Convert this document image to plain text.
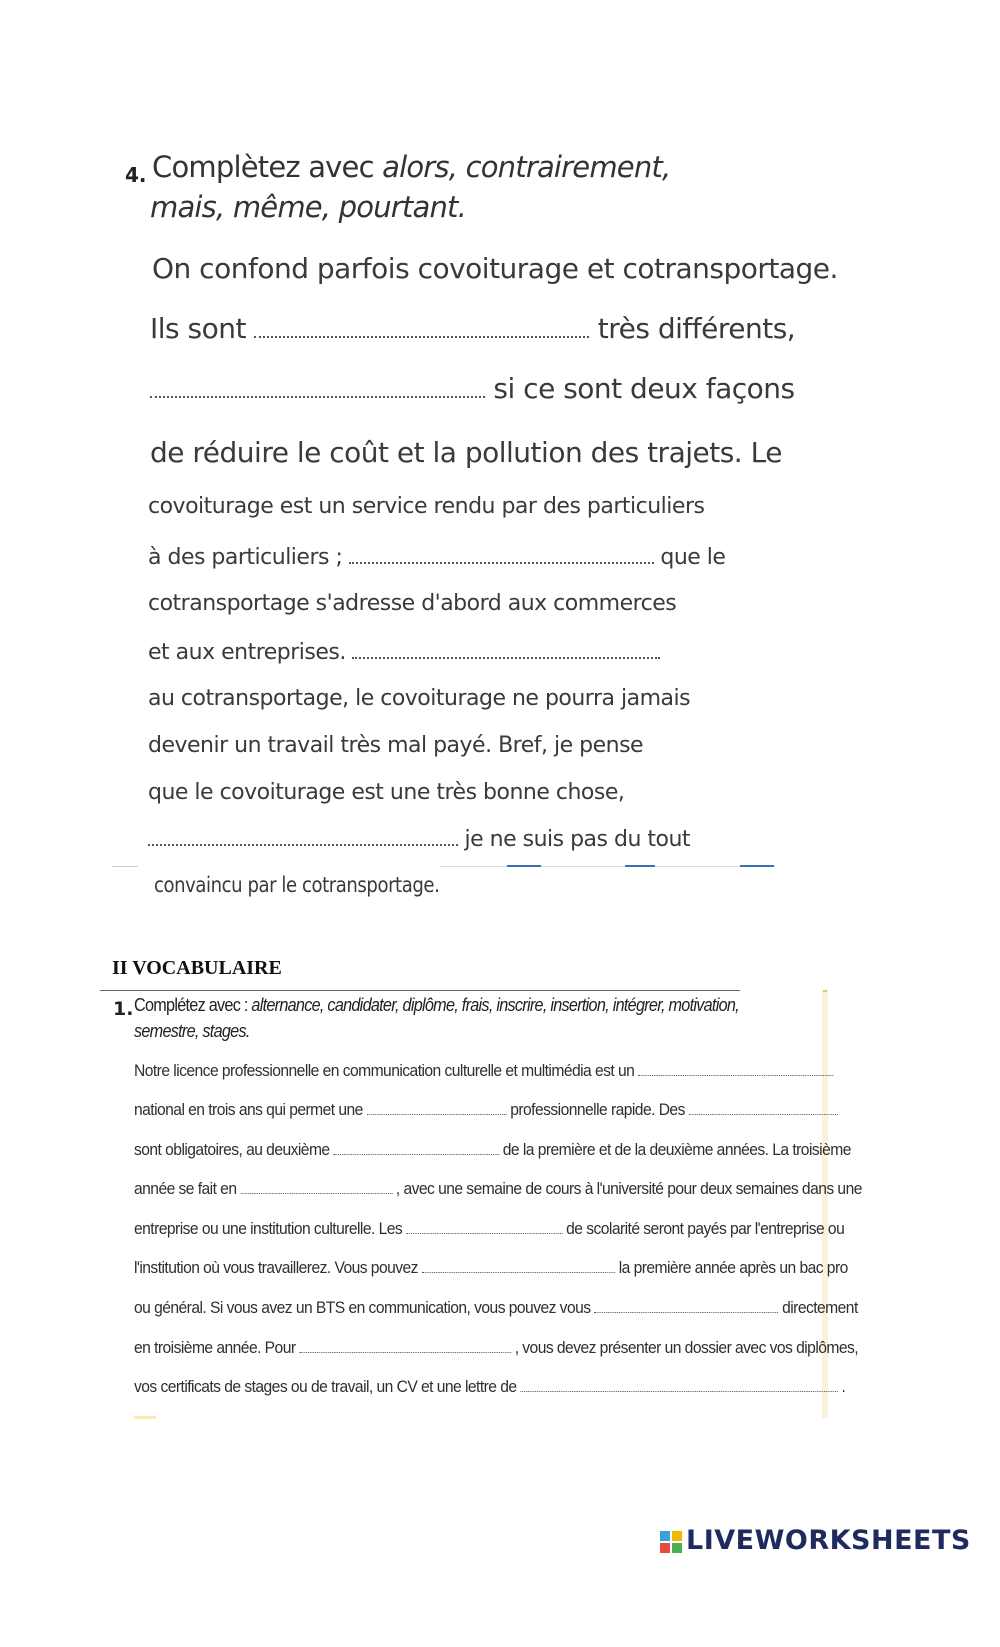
4. Complètez avec alors, contrairement,
mais, même, pourtant.
On confond parfois covoiturage et cotransportage.
Ils sont	très différents,
si ce sont deux façons
de réduire le coût et la pollution des trajets. Le
covoiturage est un service rendu par des particuliers
à des particuliers ;	que le
cotransportage s'adresse d'abord aux commerces
et aux entreprises.
au cotransportage, le covoiturage ne pourra jamais
devenir un travail très mal payé. Bref, je pense
que le covoiturage est une très bonne chose,
je ne suis pas du tout
convaincu par le cotransportage.
II VOCABULAIRE
1. Complétez avec : alternance, candidater, diplôme, frais, inscrire, insertion, intégrer, motivation,
semestre, stages.
Notre licence professionnelle en communication culturelle et multimédia est un
national en trois ans qui permet une	professionnelle rapide. Des
sont obligatoires, au deuxième	de la première et de la deuxième années. La troisième
année se fait en	, avec une semaine de cours à l'université pour deux semaines dans une
entreprise ou une institution culturelle. Les	de scolarité seront payés par l'entreprise ou
l'institution où vous travaillerez. Vous pouvez	la première année après un bac pro
ou général. Si vous avez un BTS en communication, vous pouvez vous	directement
en troisième année. Pour	, vous devez présenter un dossier avec vos diplômes,
vos certificats de stages ou de travail, un CV et une lettre de	.
LIVEWORKSHEETS
